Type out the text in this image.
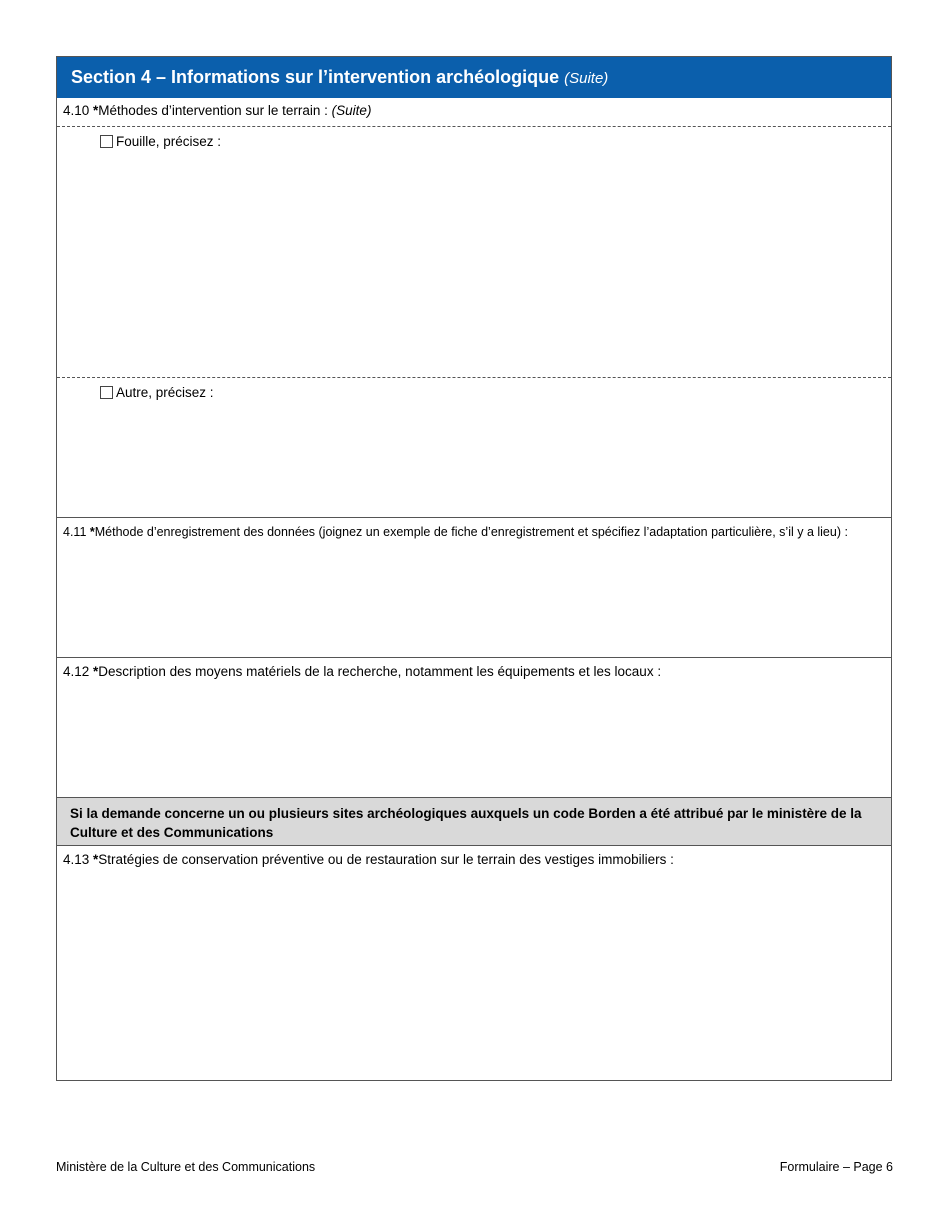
Section 4 – Informations sur l’intervention archéologique (Suite)
4.10 *Méthodes d’intervention sur le terrain : (Suite)
Fouille, précisez :
Autre, précisez :
4.11 *Méthode d’enregistrement des données (joignez un exemple de fiche d’enregistrement et spécifiez l’adaptation particulière, s’il y a lieu) :
4.12 *Description des moyens matériels de la recherche, notamment les équipements et les locaux :
Si la demande concerne un ou plusieurs sites archéologiques auxquels un code Borden a été attribué par le ministère de la Culture et des Communications
4.13 *Stratégies de conservation préventive ou de restauration sur le terrain des vestiges immobiliers :
Ministère de la Culture et des Communications	Formulaire – Page 6
